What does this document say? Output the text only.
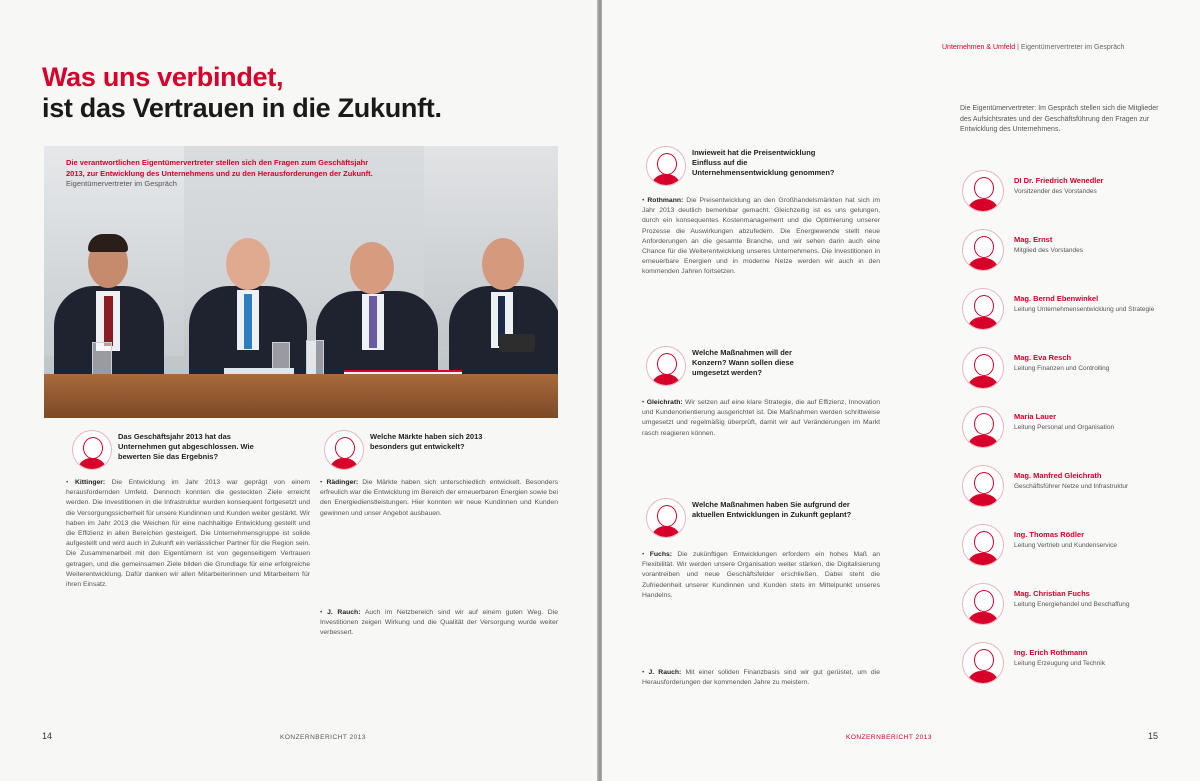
Was uns verbindet,
ist das Vertrauen in die Zukunft.
Die verantwortlichen Eigentümervertreter stellen sich den Fragen zum Geschäftsjahr 2013, zur Entwicklung des Unternehmens und zu den Herausforderungen der Zukunft.
Eigentümervertreter im Gespräch
Das Geschäftsjahr 2013 hat das Unternehmen gut abgeschlossen. Wie bewerten Sie das Ergebnis?
• Kittinger: Die Entwicklung im Jahr 2013 war geprägt von einem herausfordernden Umfeld. Dennoch konnten die gesteckten Ziele erreicht werden. Die Investitionen in die Infrastruktur wurden konsequent fortgesetzt und die Versorgungssicherheit für unsere Kundinnen und Kunden weiter gestärkt. Wir haben im Jahr 2013 die Weichen für eine nachhaltige Entwicklung gestellt und die Effizienz in allen Bereichen gesteigert. Die Unternehmensgruppe ist solide aufgestellt und wird auch in Zukunft ein verlässlicher Partner für die Region sein. Die Zusammenarbeit mit den Eigentümern ist von gegenseitigem Vertrauen getragen, und die gemeinsamen Ziele bilden die Grundlage für eine erfolgreiche Weiterentwicklung. Dafür danken wir allen Mitarbeiterinnen und Mitarbeitern für ihren Einsatz.
Welche Märkte haben sich 2013 besonders gut entwickelt?
• Rädinger: Die Märkte haben sich unterschiedlich entwickelt. Besonders erfreulich war die Entwicklung im Bereich der erneuerbaren Energien sowie bei den Energiedienstleistungen. Hier konnten wir neue Kundinnen und Kunden gewinnen und unser Angebot ausbauen.
• J. Rauch: Auch im Netzbereich sind wir auf einem guten Weg. Die Investitionen zeigen Wirkung und die Qualität der Versorgung wurde weiter verbessert.
14	KONZERNBERICHT 2013
Unternehmen & Umfeld | Eigentümervertreter im Gespräch
Inwieweit hat die Preisentwicklung Einfluss auf die Unternehmensentwicklung genommen?
• Rothmann: Die Preisentwicklung an den Großhandelsmärkten hat sich im Jahr 2013 deutlich bemerkbar gemacht. Gleichzeitig ist es uns gelungen, durch ein konsequentes Kostenmanagement und die Optimierung unserer Prozesse die Auswirkungen abzufedern. Die Energiewende stellt neue Anforderungen an die gesamte Branche, und wir sehen darin auch eine Chance für die Weiterentwicklung unseres Unternehmens. Die Investitionen in erneuerbare Energien und in moderne Netze werden wir auch in den kommenden Jahren fortsetzen.
Welche Maßnahmen will der Konzern? Wann sollen diese umgesetzt werden?
• Gleichrath: Wir setzen auf eine klare Strategie, die auf Effizienz, Innovation und Kundenorientierung ausgerichtet ist. Die Maßnahmen werden schrittweise umgesetzt und regelmäßig überprüft, damit wir auf Veränderungen im Markt rasch reagieren können.
Welche Maßnahmen haben Sie aufgrund der aktuellen Entwicklungen in Zukunft geplant?
• Fuchs: Die zukünftigen Entwicklungen erfordern ein hohes Maß an Flexibilität. Wir werden unsere Organisation weiter stärken, die Digitalisierung vorantreiben und neue Geschäftsfelder erschließen. Dabei steht die Zufriedenheit unserer Kundinnen und Kunden stets im Mittelpunkt unseres Handelns.
• J. Rauch: Mit einer soliden Finanzbasis sind wir gut gerüstet, um die Herausforderungen der kommenden Jahre zu meistern.
Die Eigentümervertreter: Im Gespräch stellen sich die Mitglieder des Aufsichtsrates und der Geschäftsführung den Fragen zur Entwicklung des Unternehmens.
DI Dr. Friedrich Wenedler
Vorsitzender des Vorstandes
Mag. Ernst
Mitglied des Vorstandes
Mag. Bernd Ebenwinkel
Leitung Unternehmensentwicklung und Strategie
Mag. Eva Resch
Leitung Finanzen und Controlling
Maria Lauer
Leitung Personal und Organisation
Mag. Manfred Gleichrath
Geschäftsführer Netze und Infrastruktur
Ing. Thomas Rödler
Leitung Vertrieb und Kundenservice
Mag. Christian Fuchs
Leitung Energiehandel und Beschaffung
Ing. Erich Rothmann
Leitung Erzeugung und Technik
KONZERNBERICHT 2013	15
